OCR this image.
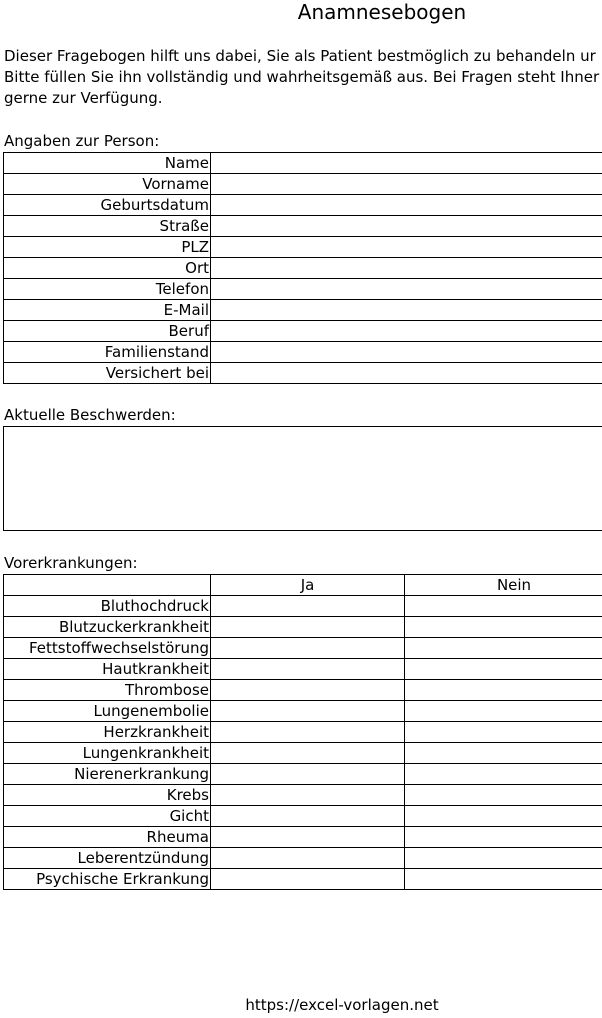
Anamnesebogen
Dieser Fragebogen hilft uns dabei, Sie als Patient bestmöglich zu behandeln ur
Bitte füllen Sie ihn vollständig und wahrheitsgemäß aus. Bei Fragen steht Ihner
gerne zur Verfügung.
Angaben zur Person:
Name	
Vorname	
Geburtsdatum	
Straße	
PLZ	
Ort	
Telefon	
E-Mail	
Beruf	
Familienstand	
Versichert bei	
Aktuelle Beschwerden:
Vorerkrankungen:
	Ja	Nein
Bluthochdruck		
Blutzuckerkrankheit		
Fettstoffwechselstörung		
Hautkrankheit		
Thrombose		
Lungenembolie		
Herzkrankheit		
Lungenkrankheit		
Nierenerkrankung		
Krebs		
Gicht		
Rheuma		
Leberentzündung		
Psychische Erkrankung		
https://excel-vorlagen.net
